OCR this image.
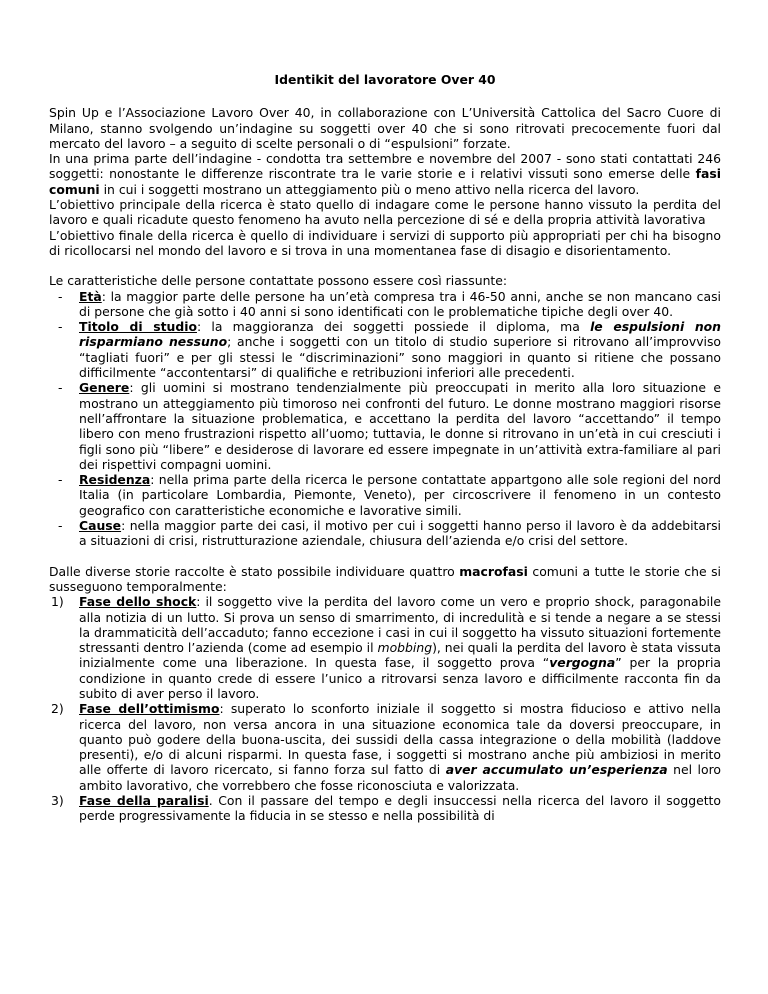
Identikit del lavoratore Over 40

Spin Up e l’Associazione Lavoro Over 40, in collaborazione con L’Università Cattolica del Sacro Cuore di Milano, stanno svolgendo un’indagine su soggetti over 40 che si sono ritrovati precocemente fuori dal mercato del lavoro – a seguito di scelte personali o di “espulsioni” forzate.

In una prima parte dell’indagine - condotta tra settembre e novembre del 2007 - sono stati contattati 246 soggetti: nonostante le differenze riscontrate tra le varie storie e i relativi vissuti sono emerse delle fasi comuni in cui i soggetti mostrano un atteggiamento più o meno attivo nella ricerca del lavoro.

L’obiettivo principale della ricerca è stato quello di indagare come le persone hanno vissuto la perdita del lavoro e quali ricadute questo fenomeno ha avuto nella percezione di sé e della propria attività lavorativa

L’obiettivo finale della ricerca è quello di individuare i servizi di supporto più appropriati per chi ha bisogno di ricollocarsi nel mondo del lavoro e si trova in una momentanea fase di disagio e disorientamento.

Le caratteristiche delle persone contattate possono essere così riassunte:

- Età: la maggior parte delle persone ha un’età compresa tra i 46-50 anni, anche se non mancano casi di persone che già sotto i 40 anni si sono identificati con le problematiche tipiche degli over 40.
- Titolo di studio: la maggioranza dei soggetti possiede il diploma, ma le espulsioni non risparmiano nessuno; anche i soggetti con un titolo di studio superiore si ritrovano all’improvviso “tagliati fuori” e per gli stessi le “discriminazioni” sono maggiori in quanto si ritiene che possano difficilmente “accontentarsi” di qualifiche e retribuzioni inferiori alle precedenti.
- Genere: gli uomini si mostrano tendenzialmente più preoccupati in merito alla loro situazione e mostrano un atteggiamento più timoroso nei confronti del futuro. Le donne mostrano maggiori risorse nell’affrontare la situazione problematica, e accettano la perdita del lavoro “accettando” il tempo libero con meno frustrazioni rispetto all’uomo; tuttavia, le donne si ritrovano in un’età in cui cresciuti i figli sono più “libere” e desiderose di lavorare ed essere impegnate in un’attività extra-familiare al pari dei rispettivi compagni uomini.
- Residenza: nella prima parte della ricerca le persone contattate appartgono alle sole regioni del nord Italia (in particolare Lombardia, Piemonte, Veneto), per circoscrivere il fenomeno in un contesto geografico con caratteristiche economiche e lavorative simili.
- Cause: nella maggior parte dei casi, il motivo per cui i soggetti hanno perso il lavoro è da addebitarsi a situazioni di crisi, ristrutturazione aziendale, chiusura dell’azienda e/o crisi del settore.

Dalle diverse storie raccolte è stato possibile individuare quattro macrofasi comuni a tutte le storie che si susseguono temporalmente:

1) Fase dello shock: il soggetto vive la perdita del lavoro come un vero e proprio shock, paragonabile alla notizia di un lutto. Si prova un senso di smarrimento, di incredulità e si tende a negare a se stessi la drammaticità dell’accaduto; fanno eccezione i casi in cui il soggetto ha vissuto situazioni fortemente stressanti dentro l’azienda (come ad esempio il mobbing), nei quali la perdita del lavoro è stata vissuta inizialmente come una liberazione. In questa fase, il soggetto prova “vergogna” per la propria condizione in quanto crede di essere l’unico a ritrovarsi senza lavoro e difficilmente racconta fin da subito di aver perso il lavoro.
2) Fase dell’ottimismo: superato lo sconforto iniziale il soggetto si mostra fiducioso e attivo nella ricerca del lavoro, non versa ancora in una situazione economica tale da doversi preoccupare, in quanto può godere della buona-uscita, dei sussidi della cassa integrazione o della mobilità (laddove presenti), e/o di alcuni risparmi. In questa fase, i soggetti si mostrano anche più ambiziosi in merito alle offerte di lavoro ricercato, si fanno forza sul fatto di aver accumulato un’esperienza nel loro ambito lavorativo, che vorrebbero che fosse riconosciuta e valorizzata.
3) Fase della paralisi. Con il passare del tempo e degli insuccessi nella ricerca del lavoro il soggetto perde progressivamente la fiducia in se stesso e nella possibilità di
